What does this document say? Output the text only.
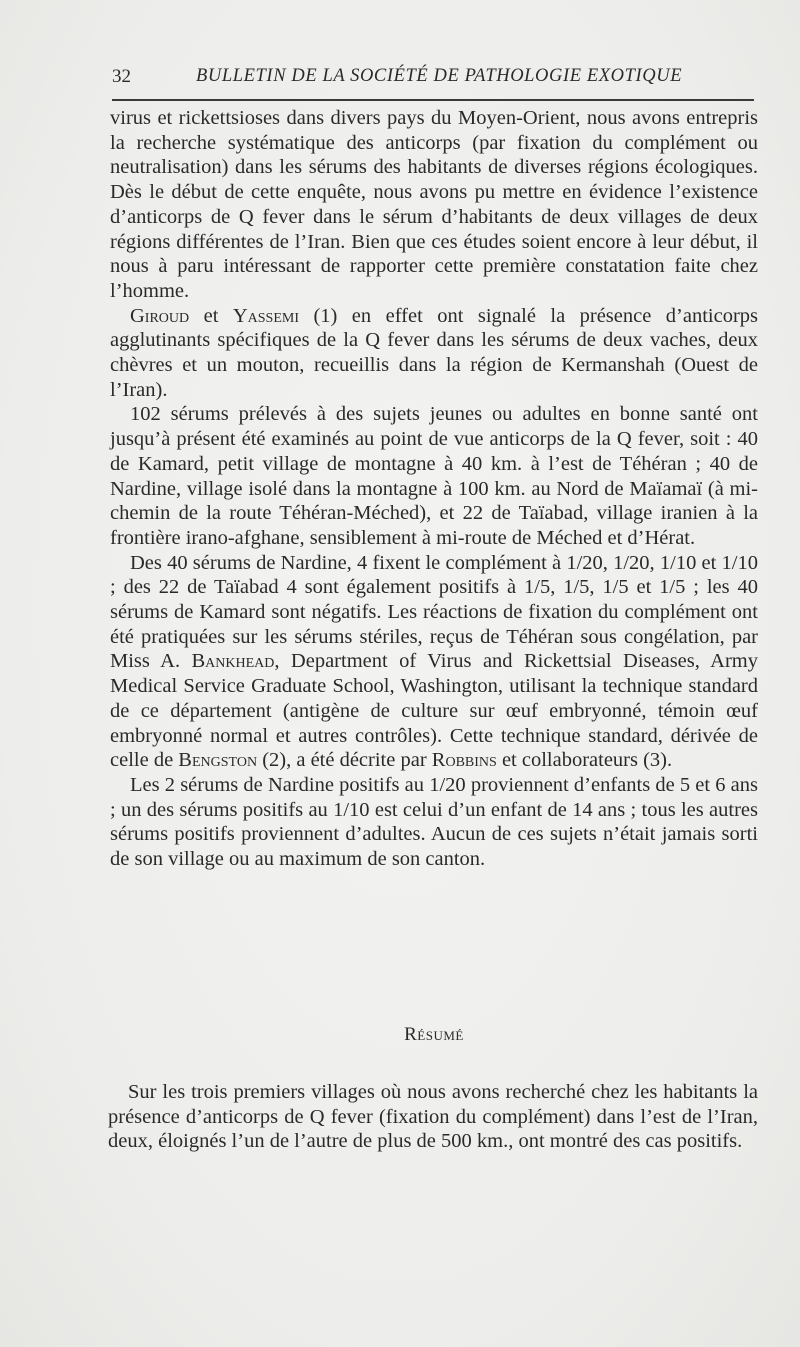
32	BULLETIN DE LA SOCIÉTÉ DE PATHOLOGIE EXOTIQUE

virus et rickettsioses dans divers pays du Moyen-Orient, nous avons entrepris la recherche systématique des anticorps (par fixation du complément ou neutralisation) dans les sérums des habitants de diverses régions écologiques. Dès le début de cette enquête, nous avons pu mettre en évidence l’existence d’anticorps de Q fever dans le sérum d’habitants de deux villages de deux régions différentes de l’Iran. Bien que ces études soient encore à leur début, il nous à paru intéressant de rapporter cette première constatation faite chez l’homme.

Giroud et Yassemi (1) en effet ont signalé la présence d’anticorps agglutinants spécifiques de la Q fever dans les sérums de deux vaches, deux chèvres et un mouton, recueillis dans la région de Kermanshah (Ouest de l’Iran).

102 sérums prélevés à des sujets jeunes ou adultes en bonne santé ont jusqu’à présent été examinés au point de vue anticorps de la Q fever, soit : 40 de Kamard, petit village de montagne à 40 km. à l’est de Téhéran ; 40 de Nardine, village isolé dans la montagne à 100 km. au Nord de Maïamaï (à mi-chemin de la route Téhéran-Méched), et 22 de Taïabad, village iranien à la frontière irano-afghane, sensiblement à mi-route de Méched et d’Hérat.

Des 40 sérums de Nardine, 4 fixent le complément à 1/20, 1/20, 1/10 et 1/10 ; des 22 de Taïabad 4 sont également positifs à 1/5, 1/5, 1/5 et 1/5 ; les 40 sérums de Kamard sont négatifs. Les réactions de fixation du complément ont été pratiquées sur les sérums stériles, reçus de Téhéran sous congélation, par Miss A. Bankhead, Department of Virus and Rickettsial Diseases, Army Medical Service Graduate School, Washington, utilisant la technique standard de ce département (antigène de culture sur œuf embryonné, témoin œuf embryonné normal et autres contrôles). Cette technique standard, dérivée de celle de Bengston (2), a été décrite par Robbins et collaborateurs (3).

Les 2 sérums de Nardine positifs au 1/20 proviennent d’enfants de 5 et 6 ans ; un des sérums positifs au 1/10 est celui d’un enfant de 14 ans ; tous les autres sérums positifs proviennent d’adultes. Aucun de ces sujets n’était jamais sorti de son village ou au maximum de son canton.

Résumé

Sur les trois premiers villages où nous avons recherché chez les habitants la présence d’anticorps de Q fever (fixation du complément) dans l’est de l’Iran, deux, éloignés l’un de l’autre de plus de 500 km., ont montré des cas positifs.
